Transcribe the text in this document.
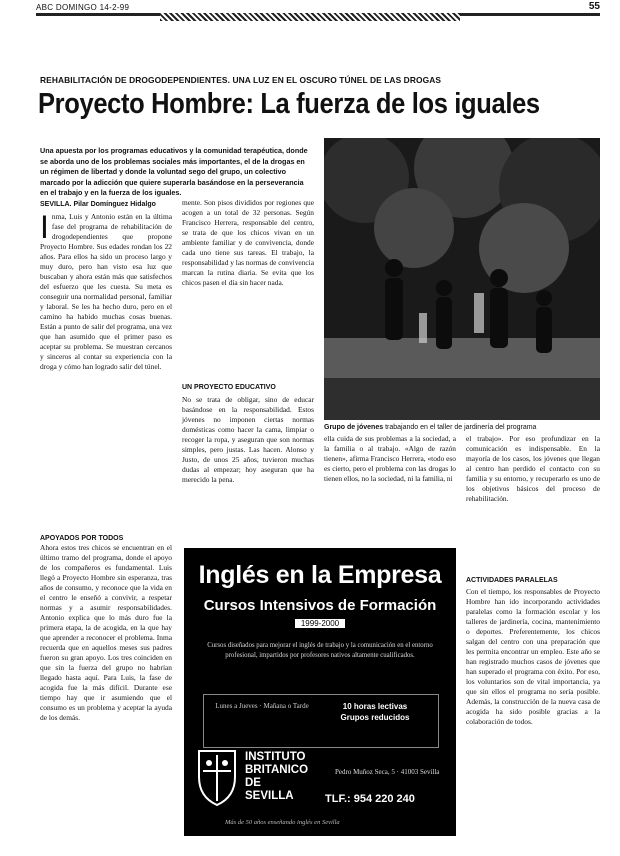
ABC DOMINGO 14-2-99	55
REHABILITACIÓN DE DROGODEPENDIENTES. UNA LUZ EN EL OSCURO TÚNEL DE LAS DROGAS
Proyecto Hombre: La fuerza de los iguales
Una apuesta por los programas educativos y la comunidad terapéutica, donde se aborda uno de los problemas sociales más importantes, el de la drogas en un régimen de libertad y donde la voluntad sego del grupo, un colectivo marcado por la adicción que quiere superarla basándose en la perseverancia en el trabajo y en la fuerza de los iguales.
Grupo de jóvenes trabajando en el taller de jardinería del programa
SEVILLA. Pilar Domínguez Hidalgo
I nma, Luis y Antonio están en la última fase del programa de rehabilitación de drogodependientes que propone Proyecto Hombre. Sus edades rondan los 22 años. Para ellos ha sido un proceso largo y muy duro, pero han visto esa luz que buscaban y ahora están más que satisfechos del esfuerzo que les cuesta. Su meta es conseguir una normalidad personal, familiar y laboral. Se les ha hecho duro, pero en el camino ha habido muchas cosas buenas. Están a punto de salir del programa, una vez que han asumido que el primer paso es aceptar su problema. Se muestran cercanos y sinceros al contar su experiencia con la droga y cómo han logrado salir del túnel.
APOYADOS POR TODOS
Ahora estos tres chicos se encuentran en el último tramo del programa, donde el apoyo de los compañeros es fundamental. Luis llegó a Proyecto Hombre sin esperanza, tras años de consumo, y reconoce que la vida en el centro le enseñó a convivir, a respetar normas y a asumir responsabilidades. Antonio explica que lo más duro fue la primera etapa, la de acogida, en la que hay que aprender a reconocer el problema. Inma recuerda que en aquellos meses sus padres fueron su gran apoyo. Los tres coinciden en que sin la fuerza del grupo no habrían llegado hasta aquí. Para Luis, la fase de acogida fue la más difícil. Durante ese tiempo hay que ir asumiendo que el consumo es un problema y aceptar la ayuda de los demás.
mente. Son pisos divididos por regiones que acogen a un total de 32 personas. Según Francisco Herrera, responsable del centro, se trata de que los chicos vivan en un ambiente familiar y de convivencia, donde cada uno tiene sus tareas. El trabajo, la responsabilidad y las normas de convivencia marcan la rutina diaria. Se evita que los chicos pasen el día sin hacer nada.
UN PROYECTO EDUCATIVO
No se trata de obligar, sino de educar basándose en la responsabilidad. Estos jóvenes no imponen ciertas normas domésticas como hacer la cama, limpiar o recoger la ropa, y aseguran que son normas simples, pero justas. Las hacen. Alonso y Justo, de unos 25 años, tuvieron muchas dudas al empezar; hoy aseguran que ha merecido la pena.
ella cuida de sus problemas a la sociedad, a la familia o al trabajo. «Algo de razón tienen», afirma Francisco Herrera, «todo eso es cierto, pero el problema con las drogas lo tienen ellos, no la sociedad, ni la familia, ni
el trabajo». Por eso profundizar en la comunicación es indispensable. En la mayoría de los casos, los jóvenes que llegan al centro han perdido el contacto con su familia y su entorno, y recuperarlo es uno de los objetivos básicos del proceso de rehabilitación.
ACTIVIDADES PARALELAS
Con el tiempo, los responsables de Proyecto Hombre han ido incorporando actividades paralelas como la formación escolar y los talleres de jardinería, cocina, mantenimiento o deportes. Preferentemente, los chicos salgan del centro con una preparación que les permita encontrar un empleo. Este año se han registrado muchos casos de jóvenes que han superado el programa con éxito. Por eso, los voluntarios son de vital importancia, ya que sin ellos el programa no sería posible. Además, la construcción de la nueva casa de acogida ha sido posible gracias a la colaboración de todos.
Inglés en la Empresa
Cursos Intensivos de Formación
1999-2000
Cursos diseñados para mejorar el inglés de trabajo y la comunicación en el entorno profesional, impartidos por profesores nativos altamente cualificados.
Lunes a Jueves · Mañana o Tarde	10 horas lectivas
Grupos reducidos
INSTITUTO
BRITANICO
DE
SEVILLA
Pedro Muñoz Seca, 5 · 41003 Sevilla
TLF.: 954 220 240
Más de 50 años enseñando inglés en Sevilla
